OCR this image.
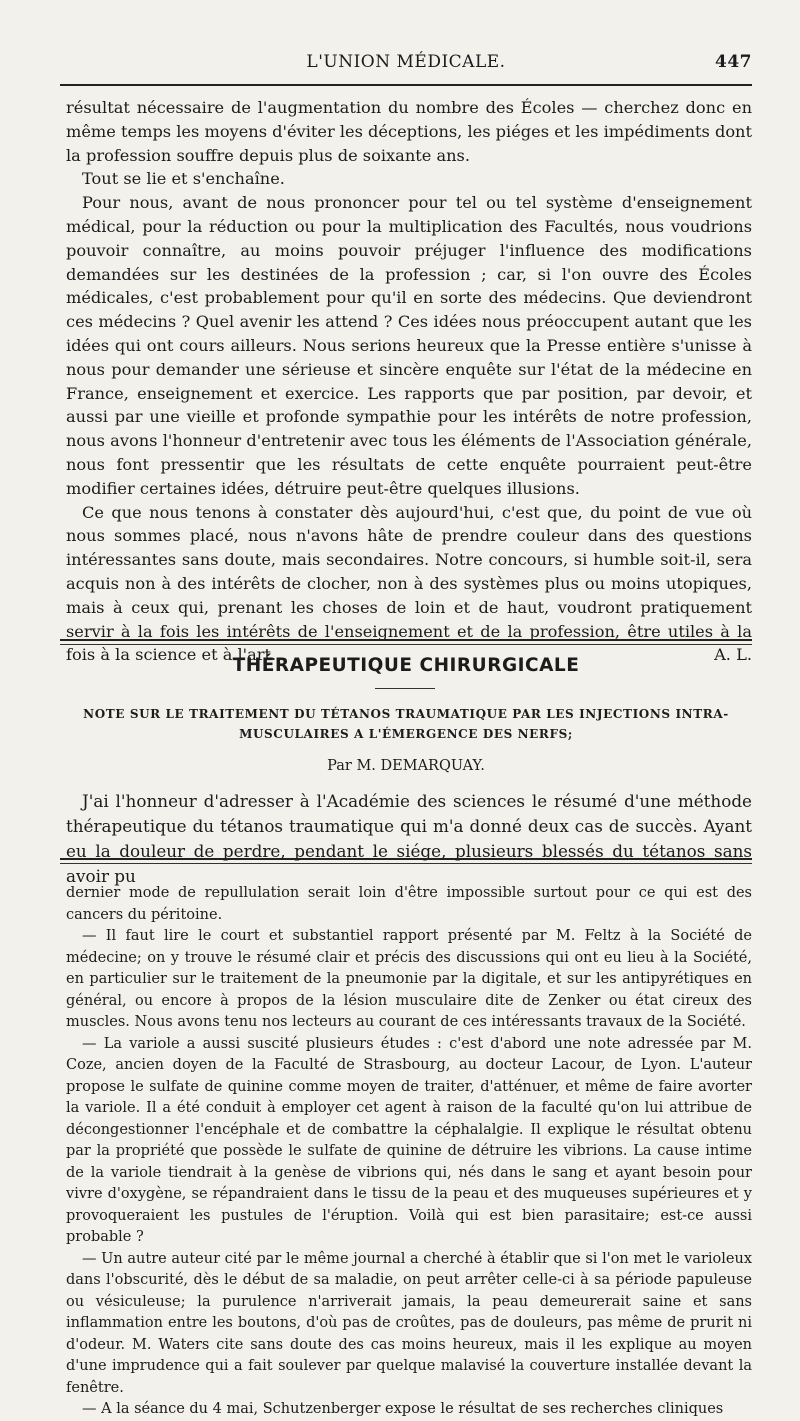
L'UNION MÉDICALE.	447

résultat nécessaire de l'augmentation du nombre des Écoles — cherchez donc en même temps les moyens d'éviter les déceptions, les piéges et les impédiments dont la profession souffre depuis plus de soixante ans.

Tout se lie et s'enchaîne.

Pour nous, avant de nous prononcer pour tel ou tel système d'enseignement médical, pour la réduction ou pour la multiplication des Facultés, nous voudrions pouvoir connaître, au moins pouvoir préjuger l'influence des modifications demandées sur les destinées de la profession ; car, si l'on ouvre des Écoles médicales, c'est probablement pour qu'il en sorte des médecins. Que deviendront ces médecins ? Quel avenir les attend ? Ces idées nous préoccupent autant que les idées qui ont cours ailleurs. Nous serions heureux que la Presse entière s'unisse à nous pour demander une sérieuse et sincère enquête sur l'état de la médecine en France, enseignement et exercice. Les rapports que par position, par devoir, et aussi par une vieille et profonde sympathie pour les intérêts de notre profession, nous avons l'honneur d'entretenir avec tous les éléments de l'Association générale, nous font pressentir que les résultats de cette enquête pourraient peut-être modifier certaines idées, détruire peut-être quelques illusions.

Ce que nous tenons à constater dès aujourd'hui, c'est que, du point de vue où nous sommes placé, nous n'avons hâte de prendre couleur dans des questions intéressantes sans doute, mais secondaires. Notre concours, si humble soit-il, sera acquis non à des intérêts de clocher, non à des systèmes plus ou moins utopiques, mais à ceux qui, prenant les choses de loin et de haut, voudront pratiquement servir à la fois les intérêts de l'enseignement et de la profession, être utiles à la fois à la science et à l'art.	A. L.

THÉRAPEUTIQUE CHIRURGICALE
NOTE SUR LE TRAITEMENT DU TÉTANOS TRAUMATIQUE PAR LES INJECTIONS INTRA-
MUSCULAIRES A L'ÉMERGENCE DES NERFS;
Par M. DEMARQUAY.

J'ai l'honneur d'adresser à l'Académie des sciences le résumé d'une méthode thérapeutique du tétanos traumatique qui m'a donné deux cas de succès. Ayant eu la douleur de perdre, pendant le siége, plusieurs blessés du tétanos sans avoir pu

dernier mode de repullulation serait loin d'être impossible surtout pour ce qui est des cancers du péritoine.

— Il faut lire le court et substantiel rapport présenté par M. Feltz à la Société de médecine; on y trouve le résumé clair et précis des discussions qui ont eu lieu à la Société, en particulier sur le traitement de la pneumonie par la digitale, et sur les antipyrétiques en général, ou encore à propos de la lésion musculaire dite de Zenker ou état cireux des muscles. Nous avons tenu nos lecteurs au courant de ces intéressants travaux de la Société.

— La variole a aussi suscité plusieurs études : c'est d'abord une note adressée par M. Coze, ancien doyen de la Faculté de Strasbourg, au docteur Lacour, de Lyon. L'auteur propose le sulfate de quinine comme moyen de traiter, d'atténuer, et même de faire avorter la variole. Il a été conduit à employer cet agent à raison de la faculté qu'on lui attribue de décongestionner l'encéphale et de combattre la céphalalgie. Il explique le résultat obtenu par la propriété que possède le sulfate de quinine de détruire les vibrions. La cause intime de la variole tiendrait à la genèse de vibrions qui, nés dans le sang et ayant besoin pour vivre d'oxygène, se répandraient dans le tissu de la peau et des muqueuses supérieures et y provoqueraient les pustules de l'éruption. Voilà qui est bien parasitaire; est-ce aussi probable ?

— Un autre auteur cité par le même journal a cherché à établir que si l'on met le varioleux dans l'obscurité, dès le début de sa maladie, on peut arrêter celle-ci à sa période papuleuse ou vésiculeuse; la purulence n'arriverait jamais, la peau demeurerait saine et sans inflammation entre les boutons, d'où pas de croûtes, pas de douleurs, pas même de prurit ni d'odeur. M. Waters cite sans doute des cas moins heureux, mais il les explique au moyen d'une imprudence qui a fait soulever par quelque malavisé la couverture installée devant la fenêtre.

— A la séance du 4 mai, Schutzenberger expose le résultat de ses recherches cliniques
